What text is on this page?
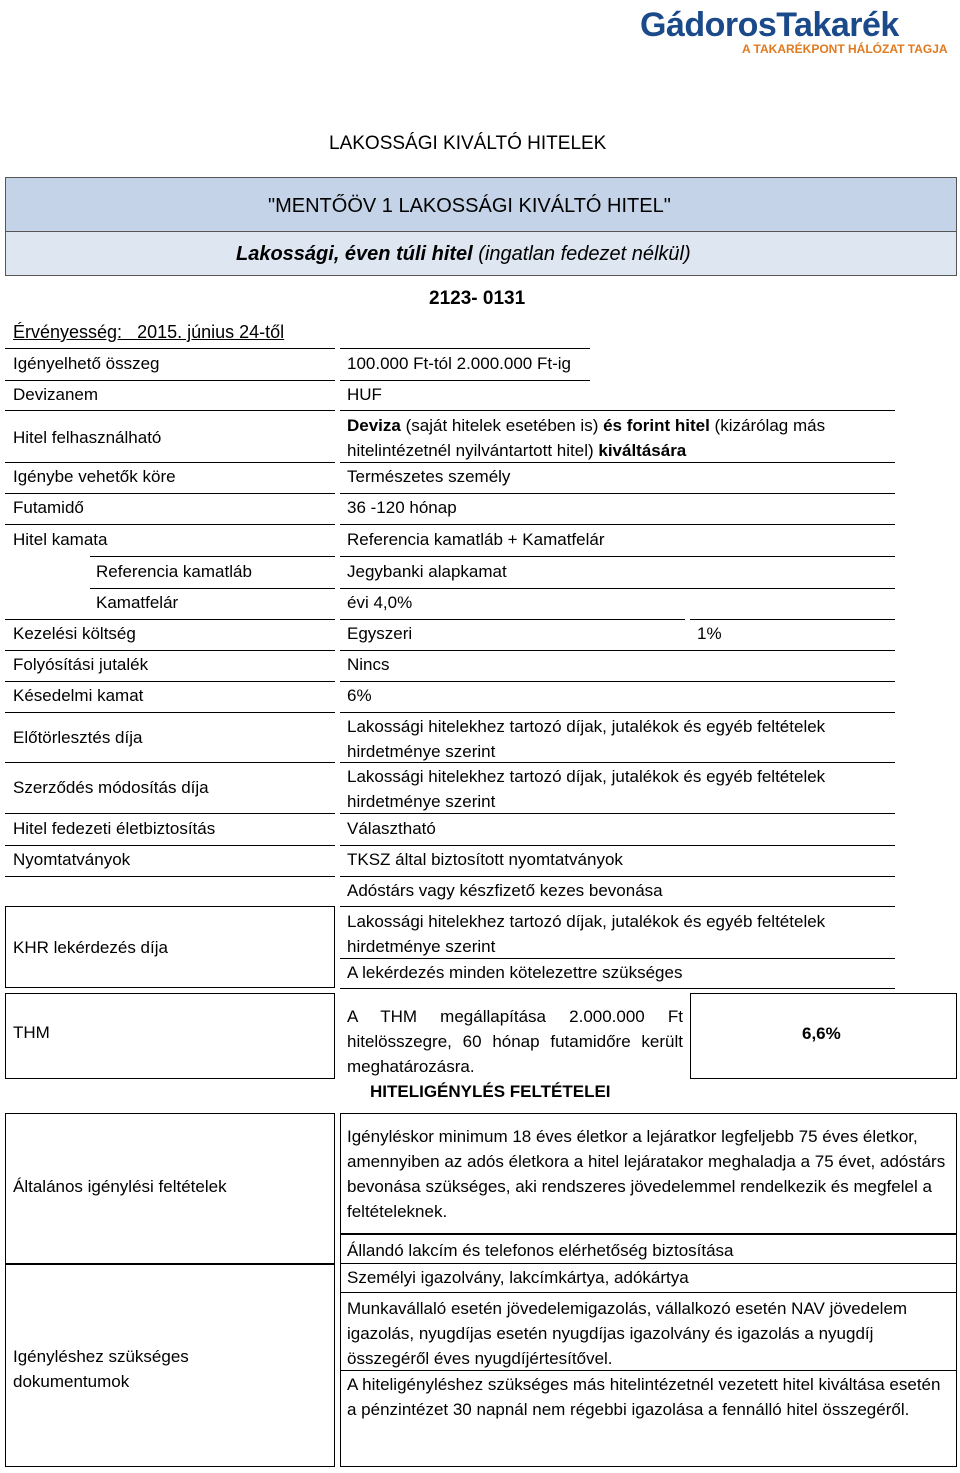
GádorosTakarék
A TAKARÉKPONT HÁLÓZAT TAGJA
LAKOSSÁGI KIVÁLTÓ HITELEK
"MENTŐÖV 1 LAKOSSÁGI KIVÁLTÓ HITEL"
Lakossági, éven túli hitel (ingatlan fedezet nélkül)
2123- 0131
Érvényesség: 2015. június 24-től
Igényelhető összeg
Devizanem
Hitel felhasználható
Igénybe vehetők köre
Futamidő
Hitel kamata
Referencia kamatláb
Kamatfelár
Kezelési költség
Folyósítási jutalék
Késedelmi kamat
Előtörlesztés díja
Szerződés módosítás díja
Hitel fedezeti életbiztosítás
Nyomtatványok
KHR lekérdezés díja
THM
100.000 Ft-tól 2.000.000 Ft-ig
HUF
Deviza (saját hitelek esetében is) és forint hitel (kizárólag más hitelintézetnél nyilvántartott hitel) kiváltására
Természetes személy
36 -120 hónap
Referencia kamatláb + Kamatfelár
Jegybanki alapkamat
évi 4,0%
Egyszeri	1%
Nincs
6%
Lakossági hitelekhez tartozó díjak, jutalékok és egyéb feltételek hirdetménye szerint
Lakossági hitelekhez tartozó díjak, jutalékok és egyéb feltételek hirdetménye szerint
Választható
TKSZ által biztosított nyomtatványok
Adóstárs vagy készfizető kezes bevonása
Lakossági hitelekhez tartozó díjak, jutalékok és egyéb feltételek hirdetménye szerint
A lekérdezés minden kötelezettre szükséges
A THM megállapítása 2.000.000 Ft hitelösszegre, 60 hónap futamidőre került meghatározásra.
6,6%
HITELIGÉNYLÉS FELTÉTELEI
Általános igénylési feltételek
Igényléskor minimum 18 éves életkor a lejáratkor legfeljebb 75 éves életkor, amennyiben az adós életkora a hitel lejáratakor meghaladja a 75 évet, adóstárs bevonása szükséges, aki rendszeres jövedelemmel rendelkezik és megfelel a feltételeknek.
Igényléshez szükséges dokumentumok
Állandó lakcím és telefonos elérhetőség biztosítása
Személyi igazolvány, lakcímkártya, adókártya
Munkavállaló esetén jövedelemigazolás, vállalkozó esetén NAV jövedelem igazolás, nyugdíjas esetén nyugdíjas igazolvány és igazolás a nyugdíj összegéről éves nyugdíjértesítővel.
A hiteligényléshez szükséges más hitelintézetnél vezetett hitel kiváltása esetén a pénzintézet 30 napnál nem régebbi igazolása a fennálló hitel összegéről.
